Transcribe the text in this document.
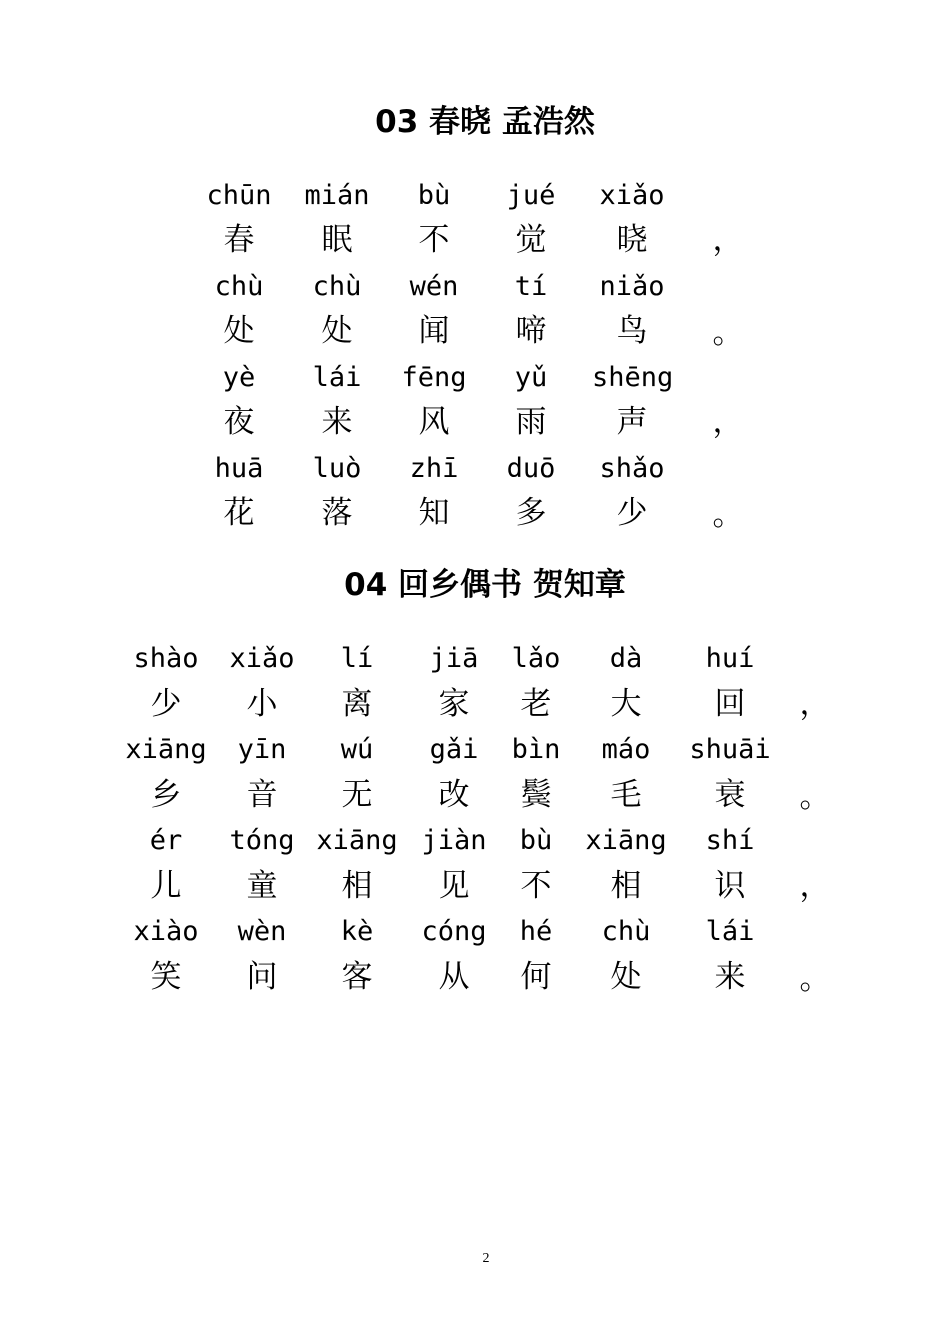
03 春晓 孟浩然
chūn mián	bù	jué	xiǎo
春 眠 不 觉 晓 ，
chù	chù	wén	tí	niǎo
处 处 闻 啼 鸟 。
yè	lái	fēng	yǔ	shēng
夜 来 风 雨 声 ，
huā	luò	zhī	duō	shǎo
花 落 知 多 少 。
04 回乡偶书 贺知章
shào	xiǎo	lí	jiā	lǎo	dà	huí
少 小 离 家 老 大 回 ，
xiāng	yīn	wú	gǎi	bìn	máo	shuāi
乡 音 无 改 鬓 毛 衰 。
ér	tóng xiāng jiàn	bù	xiāng	shí
儿 童 相 见 不 相 识 ，
xiào	wèn	kè	cóng	hé	chù	lái
笑 问 客 从 何 处 来 。
2
